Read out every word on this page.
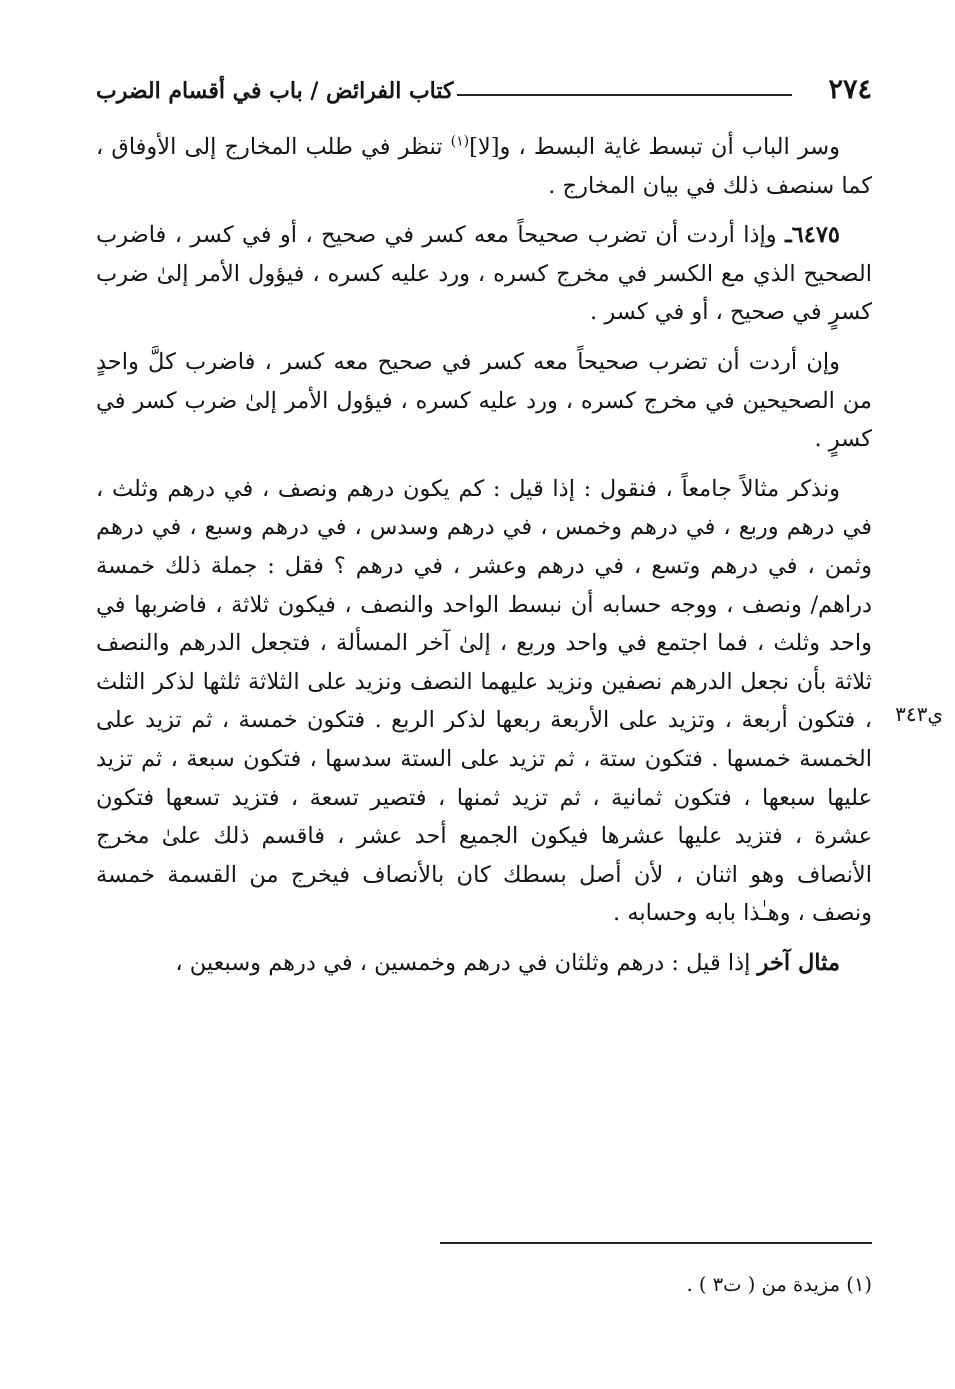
٢٧٤
كتاب الفرائض / باب في أقسام الضرب

وسر الباب أن تبسط غاية البسط ، و[لا]$^{(١)}$ تنظر في طلب المخارج إلى الأوفاق ، كما سنصف ذلك في بيان المخارج .

٦٤٧٥ـ وإذا أردت أن تضرب صحيحاً معه كسر في صحيح ، أو في كسر ، فاضرب الصحيح الذي مع الكسر في مخرج كسره ، ورد عليه كسره ، فيؤول الأمر إلىٰ ضرب كسرٍ في صحيح ، أو في كسر .

وإن أردت أن تضرب صحيحاً معه كسر في صحيح معه كسر ، فاضرب كلَّ واحدٍ من الصحيحين في مخرج كسره ، ورد عليه كسره ، فيؤول الأمر إلىٰ ضرب كسر في كسرٍ .

ونذكر مثالاً جامعاً ، فنقول : إذا قيل : كم يكون درهم ونصف ، في درهم وثلث ، في درهم وربع ، في درهم وخمس ، في درهم وسدس ، في درهم وسبع ، في درهم وثمن ، في درهم وتسع ، في درهم وعشر ، في درهم ؟ فقل : جملة ذلك خمسة دراهم/ ونصف ، ووجه حسابه أن نبسط الواحد والنصف ، فيكون ثلاثة ، فاضربها في واحد وثلث ، فما اجتمع في واحد وربع ، إلىٰ آخر المسألة ، فتجعل الدرهم والنصف ثلاثة بأن نجعل الدرهم نصفين ونزيد عليهما النصف ونزيد على الثلاثة ثلثها لذكر الثلث ، فتكون أربعة ، وتزيد على الأربعة ربعها لذكر الربع . فتكون خمسة ، ثم تزيد على الخمسة خمسها . فتكون ستة ، ثم تزيد على الستة سدسها ، فتكون سبعة ، ثم تزيد عليها سبعها ، فتكون ثمانية ، ثم تزيد ثمنها ، فتصير تسعة ، فتزيد تسعها فتكون عشرة ، فتزيد عليها عشرها فيكون الجميع أحد عشر ، فاقسم ذلك علىٰ مخرج الأنصاف وهو اثنان ، لأن أصل بسطك كان بالأنصاف فيخرج من القسمة خمسة ونصف ، وهـٰذا بابه وحسابه .

مثال آخر إذا قيل : درهم وثلثان في درهم وخمسين ، في درهم وسبعين ،

ي٣٤٣
(١) مزيدة من ( ت٣ ) .
